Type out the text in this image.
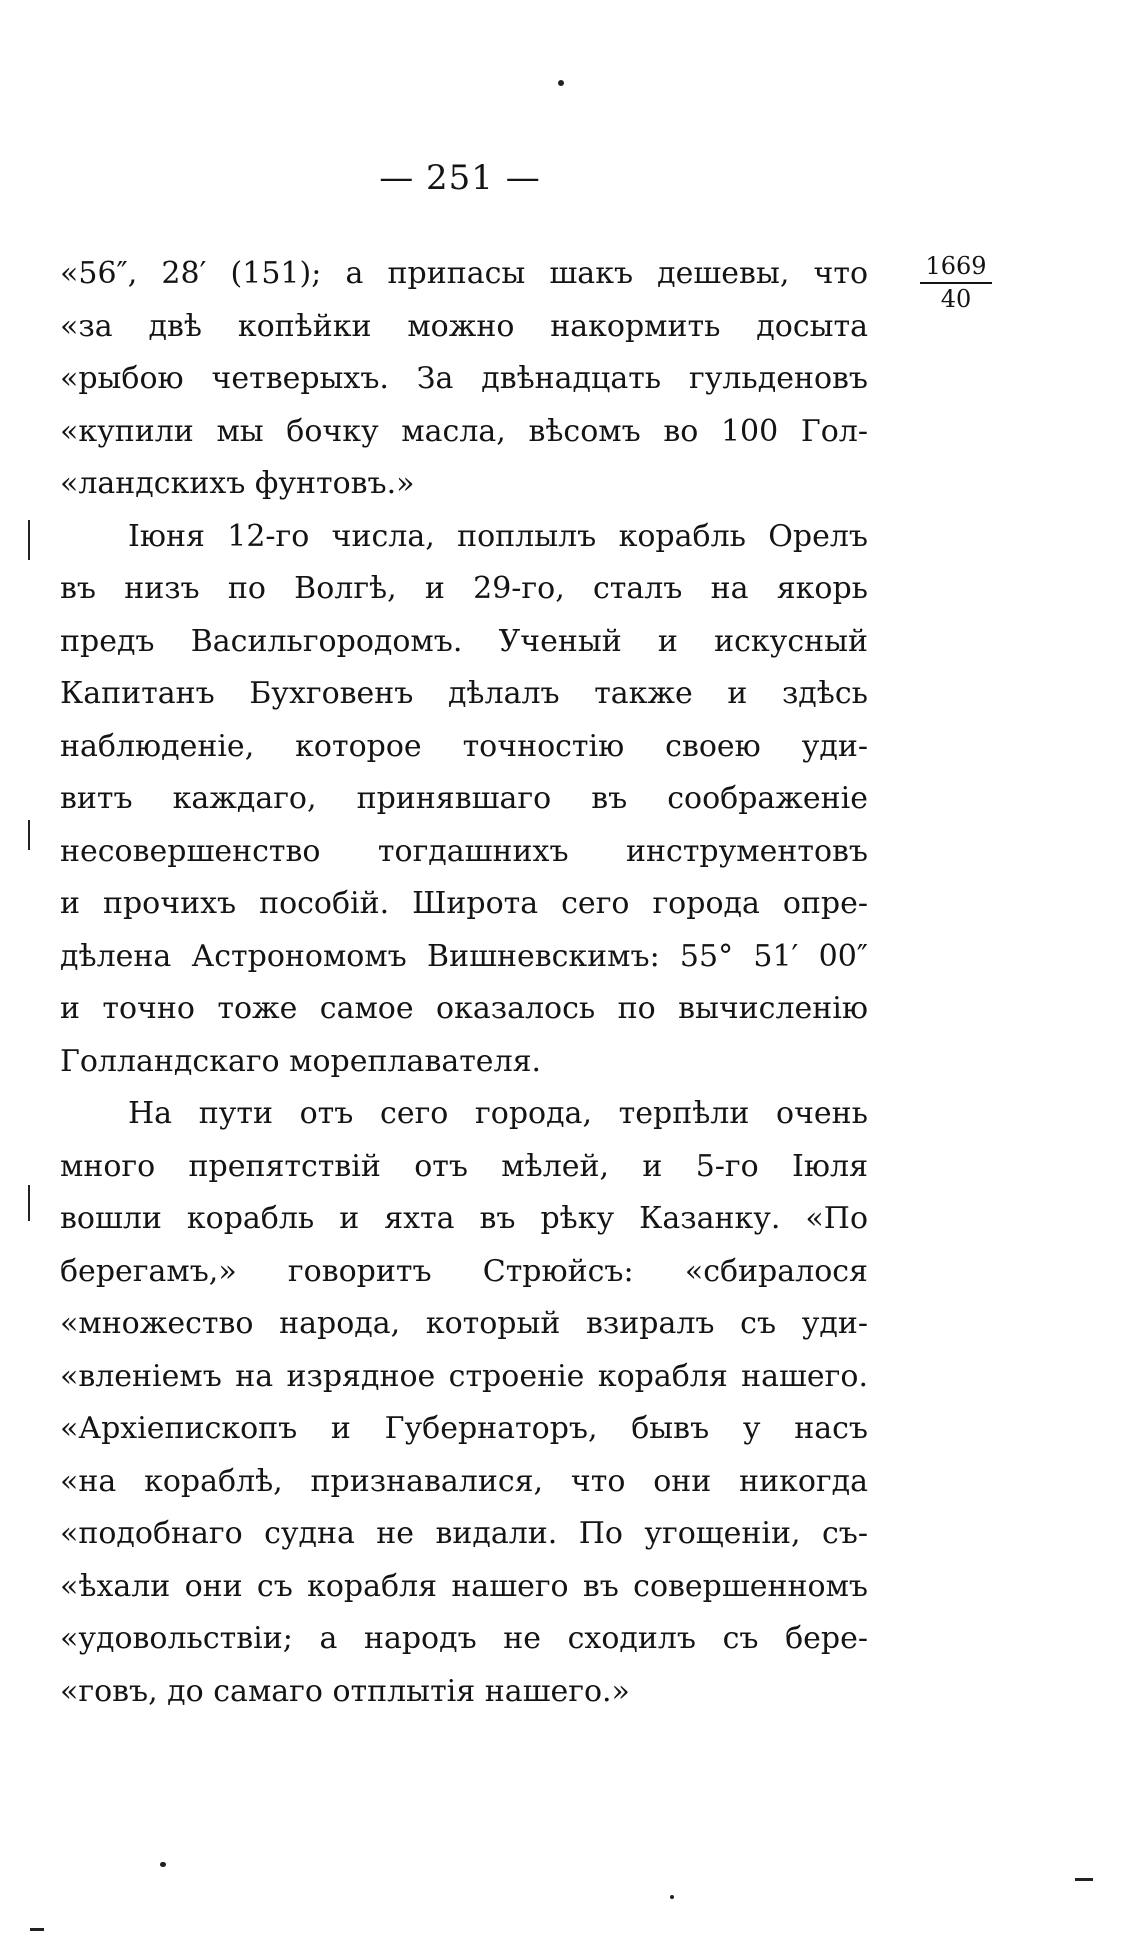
— 251 —
$\frac{1669}{40}$
«56″, 28′ (151); а припасы шакъ дешевы, что
«за двѣ копѣйки можно накормить досыта
«рыбою четверыхъ. За двѣнадцать гульденовъ
«купили мы бочку масла, вѣсомъ во 100 Гол-
«ландскихъ фунтовъ.»
Іюня 12-го числа, поплылъ корабль Орелъ
въ низъ по Волгѣ, и 29-го, сталъ на якорь
предъ Васильгородомъ. Ученый и искусный
Капитанъ Бухговенъ дѣлалъ также и здѣсь
наблюденіе, которое точностію своею уди-
витъ каждаго, принявшаго въ соображеніе
несовершенство тогдашнихъ инструментовъ
и прочихъ пособій. Широта сего города опре-
дѣлена Астрономомъ Вишневскимъ: 55° 51′ 00″
и точно тоже самое оказалось по вычисленію
Голландскаго мореплавателя.
На пути отъ сего города, терпѣли очень
много препятствій отъ мѣлей, и 5-го Іюля
вошли корабль и яхта въ рѣку Казанку. «По
берегамъ,» говоритъ Стрюйсъ: «сбиралося
«множество народа, который взиралъ съ уди-
«вленіемъ на изрядное строеніе корабля нашего.
«Архіепископъ и Губернаторъ, бывъ у насъ
«на кораблѣ, признавалися, что они никогда
«подобнаго судна не видали. По угощеніи, съ-
«ѣхали они съ корабля нашего въ совершенномъ
«удовольствіи; а народъ не сходилъ съ бере-
«говъ, до самаго отплытія нашего.»
